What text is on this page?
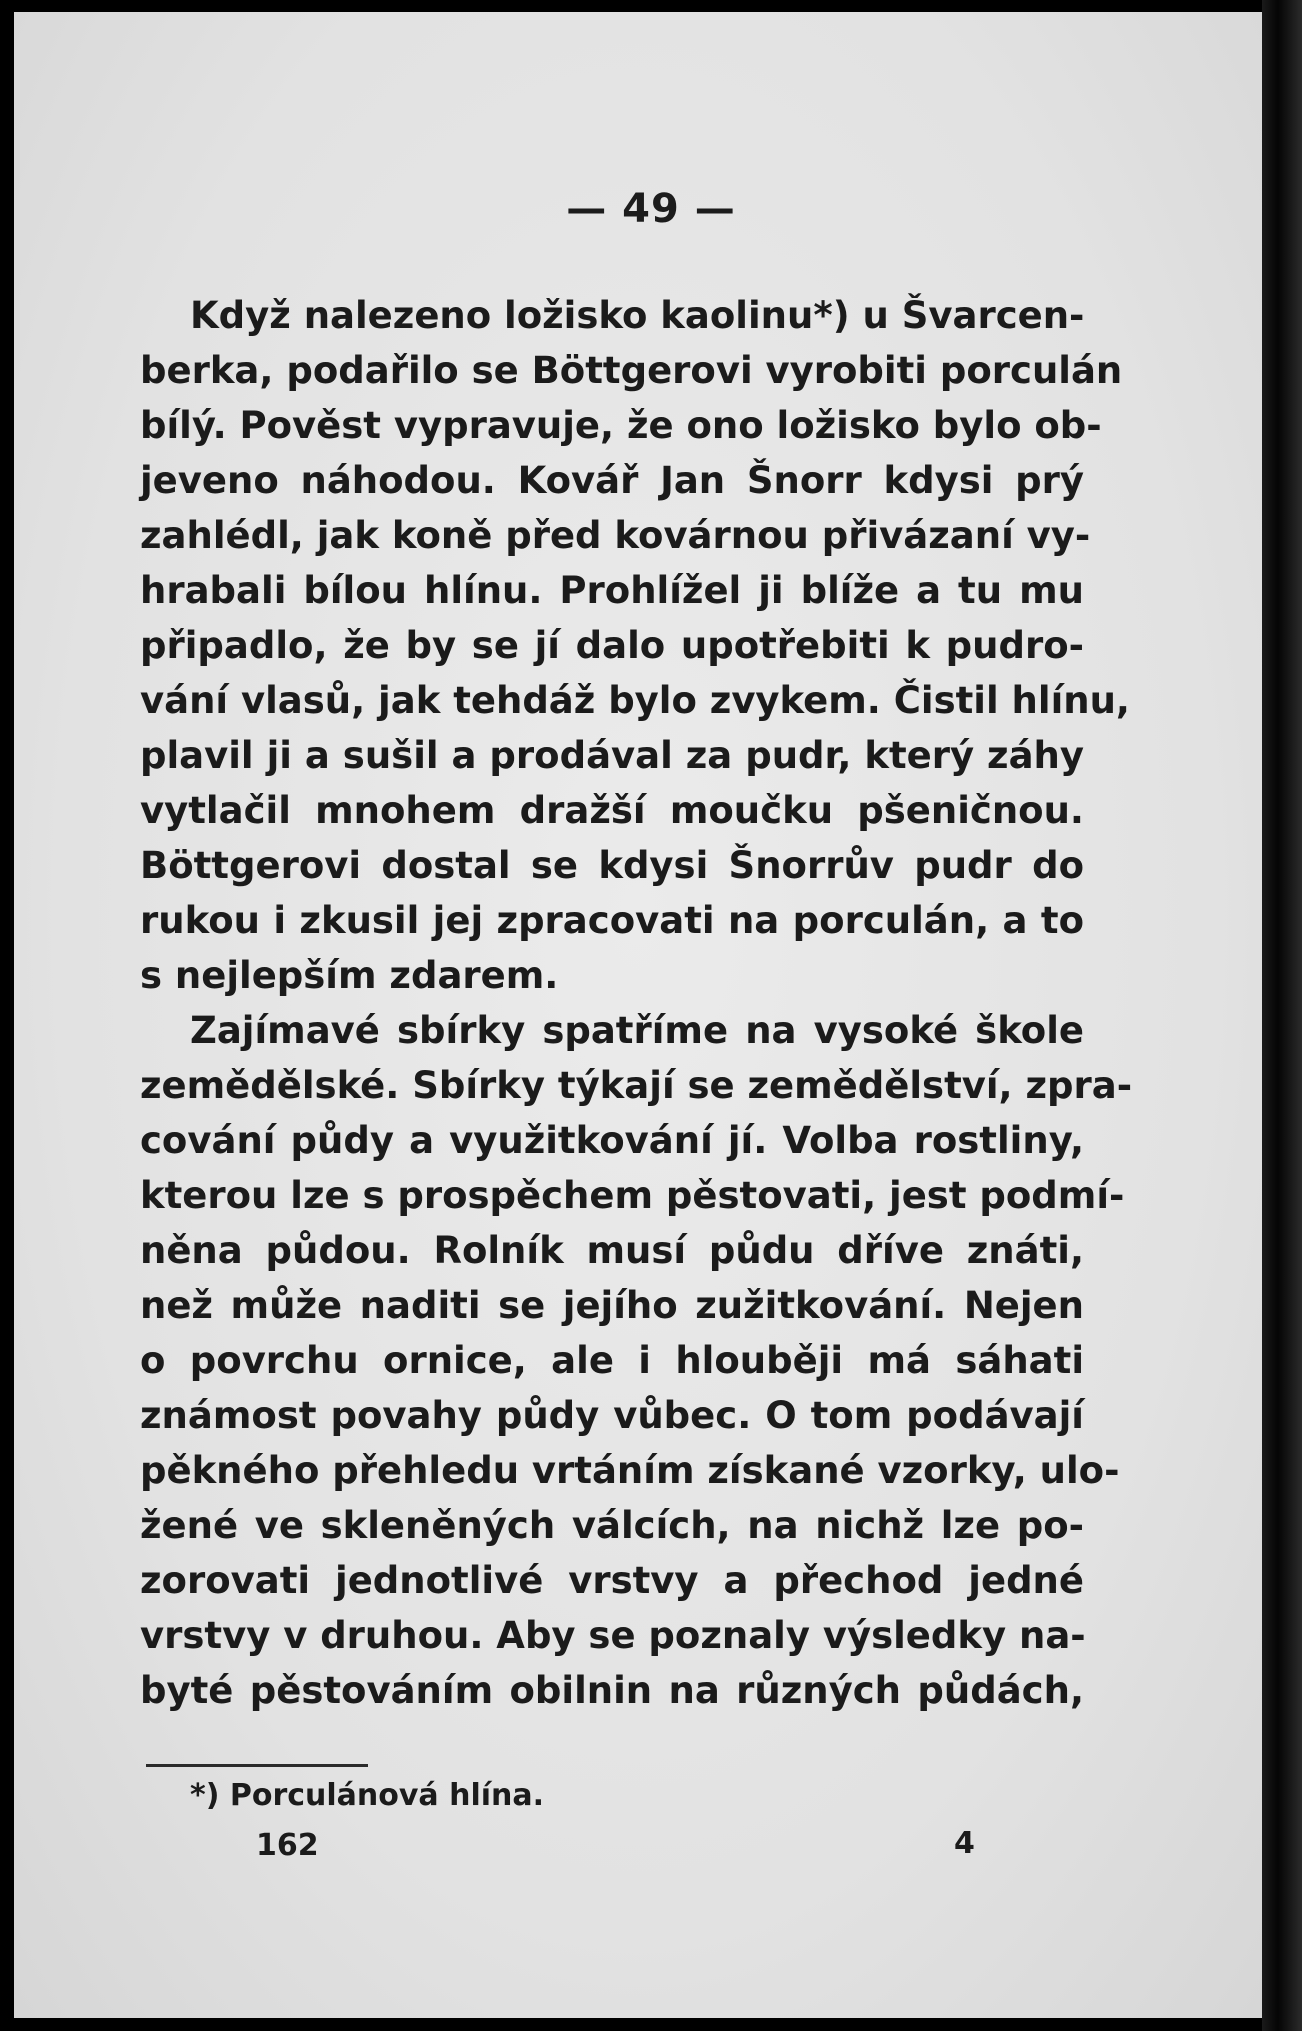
— 49 —
Když nalezeno ložisko kaolinu*) u Švarcen-
berka, podařilo se Böttgerovi vyrobiti porculán
bílý. Pověst vypravuje, že ono ložisko bylo ob-
jeveno náhodou. Kovář Jan Šnorr kdysi prý
zahlédl, jak koně před kovárnou přivázaní vy-
hrabali bílou hlínu. Prohlížel ji blíže a tu mu
připadlo, že by se jí dalo upotřebiti k pudro-
vání vlasů, jak tehdáž bylo zvykem. Čistil hlínu,
plavil ji a sušil a prodával za pudr, který záhy
vytlačil mnohem dražší moučku pšeničnou.
Böttgerovi dostal se kdysi Šnorrův pudr do
rukou i zkusil jej zpracovati na porculán, a to
s nejlepším zdarem.
Zajímavé sbírky spatříme na vysoké škole
zemědělské. Sbírky týkají se zemědělství, zpra-
cování půdy a využitkování jí. Volba rostliny,
kterou lze s prospěchem pěstovati, jest podmí-
něna půdou. Rolník musí půdu dříve znáti,
než může naditi se jejího zužitkování. Nejen
o povrchu ornice, ale i hlouběji má sáhati
známost povahy půdy vůbec. O tom podávají
pěkného přehledu vrtáním získané vzorky, ulo-
žené ve skleněných válcích, na nichž lze po-
zorovati jednotlivé vrstvy a přechod jedné
vrstvy v druhou. Aby se poznaly výsledky na-
byté pěstováním obilnin na různých půdách,
*) Porculánová hlína.
162	4
